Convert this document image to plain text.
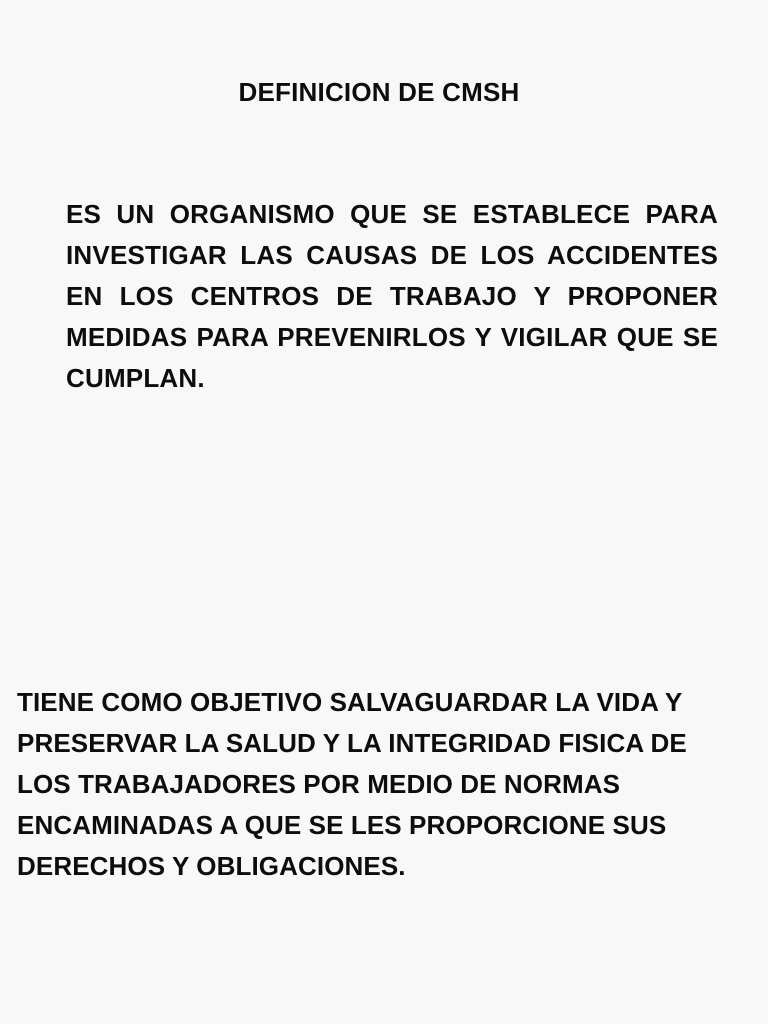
DEFINICION DE CMSH
ES UN ORGANISMO QUE SE ESTABLECE PARA INVESTIGAR LAS CAUSAS DE LOS ACCIDENTES EN LOS CENTROS DE TRABAJO Y PROPONER MEDIDAS PARA PREVENIRLOS Y VIGILAR QUE SE CUMPLAN.
TIENE COMO OBJETIVO SALVAGUARDAR LA VIDA Y PRESERVAR LA SALUD Y LA INTEGRIDAD FISICA DE LOS TRABAJADORES POR MEDIO DE NORMAS ENCAMINADAS A QUE SE LES PROPORCIONE SUS DERECHOS Y OBLIGACIONES.
